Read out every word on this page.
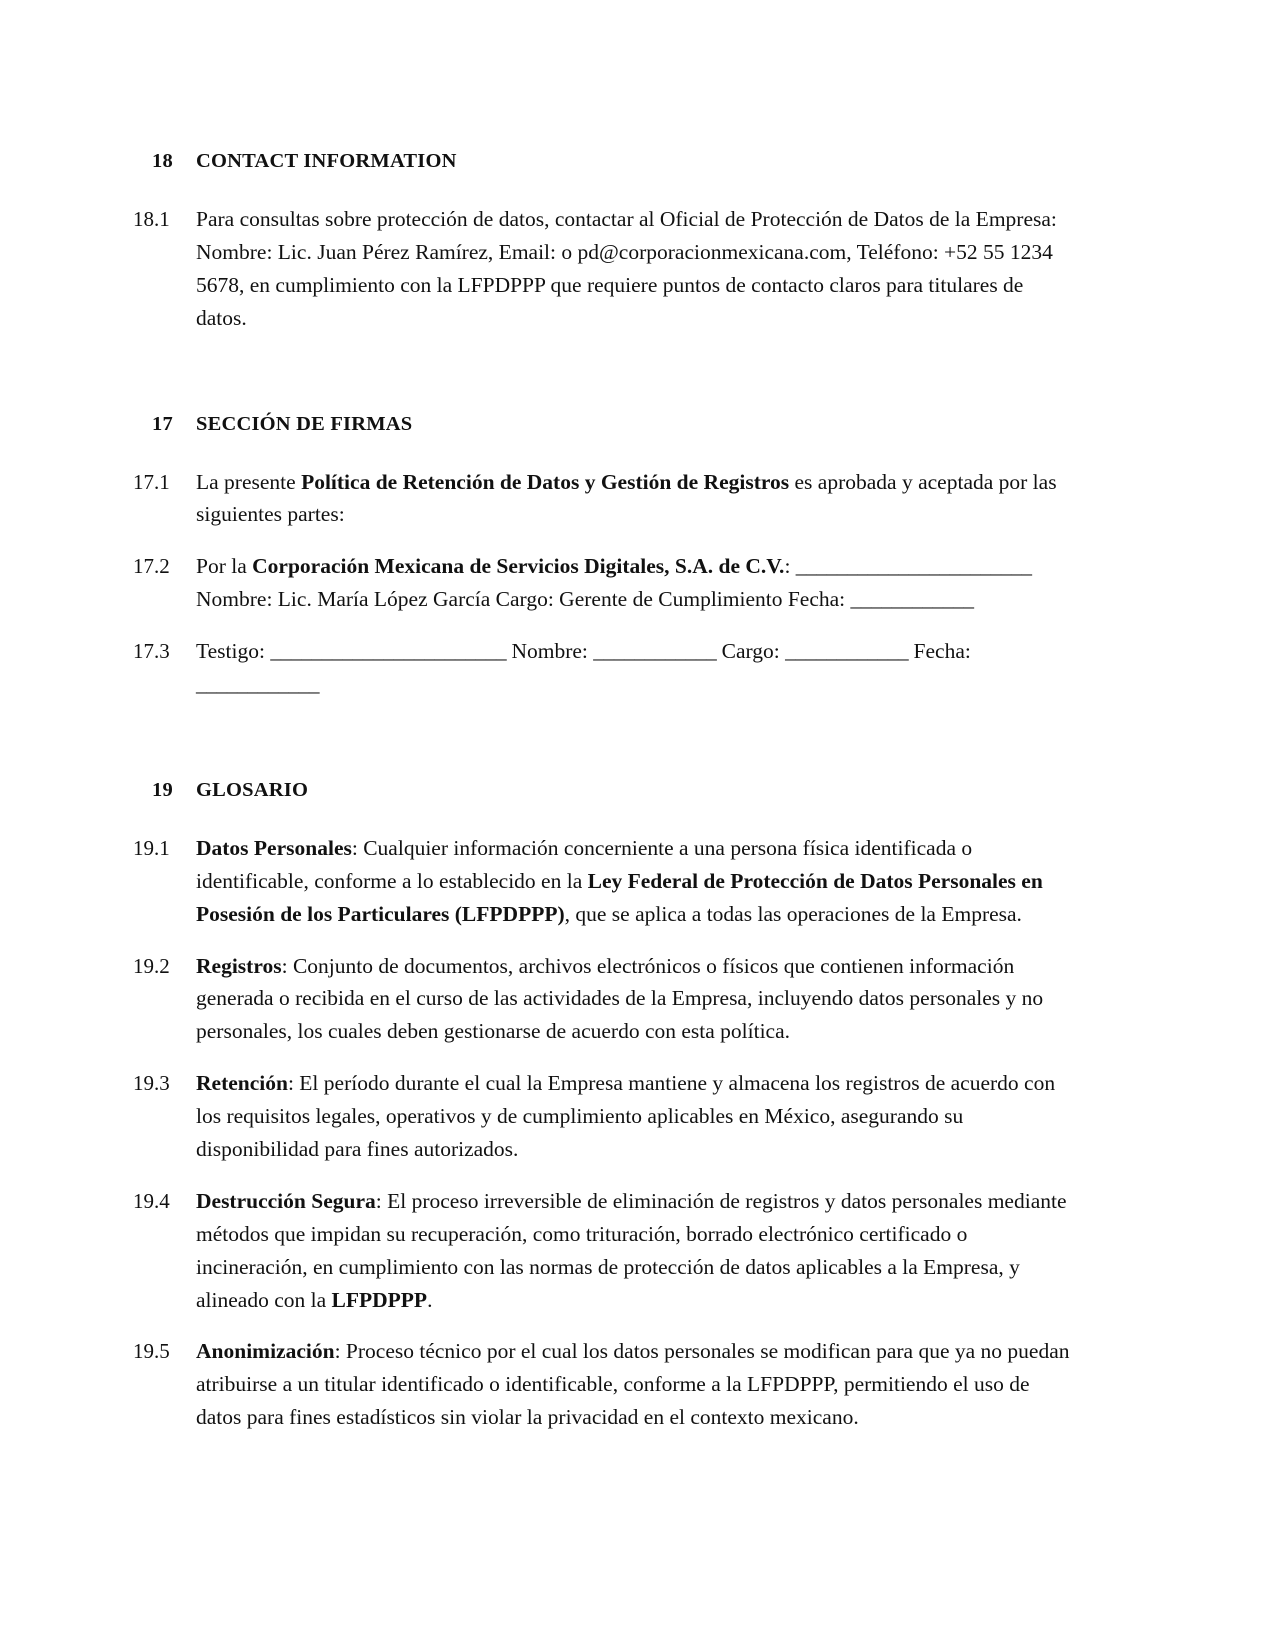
18	CONTACT INFORMATION
18.1	Para consultas sobre protección de datos, contactar al Oficial de Protección de Datos de la Empresa: Nombre: Lic. Juan Pérez Ramírez, Email: o pd@corporacionmexicana.com, Teléfono: +52 55 1234 5678, en cumplimiento con la LFPDPPP que requiere puntos de contacto claros para titulares de datos.
17	SECCIÓN DE FIRMAS
17.1	La presente Política de Retención de Datos y Gestión de Registros es aprobada y aceptada por las siguientes partes:
17.2	Por la Corporación Mexicana de Servicios Digitales, S.A. de C.V.: _______________________ Nombre: Lic. María López García Cargo: Gerente de Cumplimiento Fecha: ____________
17.3	Testigo: _______________________ Nombre: ____________ Cargo: ____________ Fecha: ____________
19	GLOSARIO
19.1	Datos Personales: Cualquier información concerniente a una persona física identificada o identificable, conforme a lo establecido en la Ley Federal de Protección de Datos Personales en Posesión de los Particulares (LFPDPPP), que se aplica a todas las operaciones de la Empresa.
19.2	Registros: Conjunto de documentos, archivos electrónicos o físicos que contienen información generada o recibida en el curso de las actividades de la Empresa, incluyendo datos personales y no personales, los cuales deben gestionarse de acuerdo con esta política.
19.3	Retención: El período durante el cual la Empresa mantiene y almacena los registros de acuerdo con los requisitos legales, operativos y de cumplimiento aplicables en México, asegurando su disponibilidad para fines autorizados.
19.4	Destrucción Segura: El proceso irreversible de eliminación de registros y datos personales mediante métodos que impidan su recuperación, como trituración, borrado electrónico certificado o incineración, en cumplimiento con las normas de protección de datos aplicables a la Empresa, y alineado con la LFPDPPP.
19.5	Anonimización: Proceso técnico por el cual los datos personales se modifican para que ya no puedan atribuirse a un titular identificado o identificable, conforme a la LFPDPPP, permitiendo el uso de datos para fines estadísticos sin violar la privacidad en el contexto mexicano.
